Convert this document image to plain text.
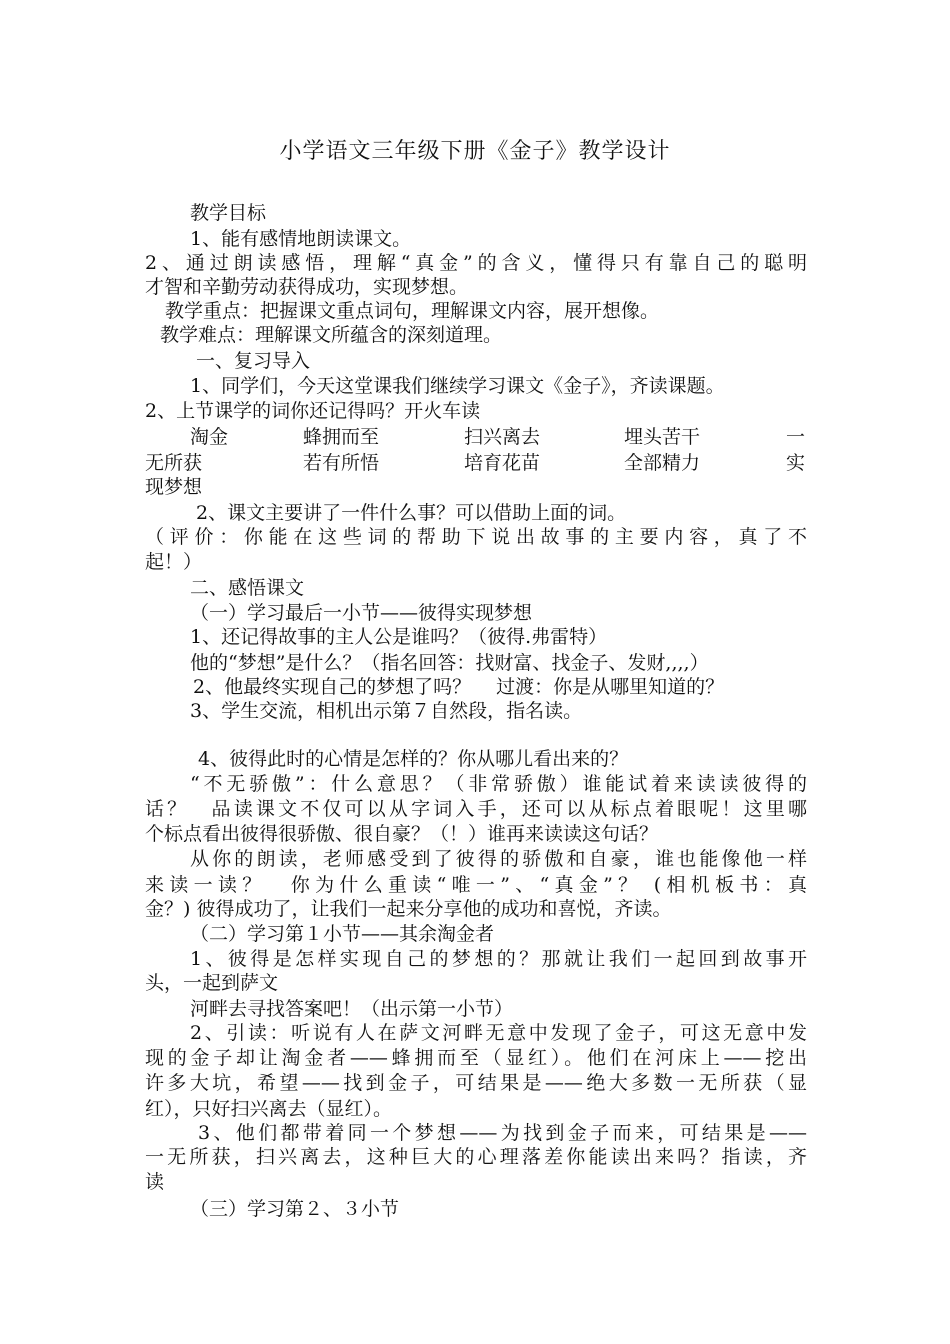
小学语文三年级下册《金子》教学设计
教学目标
1、能有感情地朗读课文。
2、通过朗读感悟，理解“真金”的含义，懂得只有靠自己的聪明
才智和辛勤劳动获得成功，实现梦想。
教学重点：把握课文重点词句，理解课文内容，展开想像。
教学难点：理解课文所蕴含的深刻道理。
一、复习导入
1、同学们，今天这堂课我们继续学习课文《金子》，齐读课题。
2、上节课学的词你还记得吗？开火车读
淘金	蜂拥而至	扫兴离去	埋头苦干	一
无所获	若有所悟	培育花苗	全部精力	实
现梦想
2、课文主要讲了一件什么事？可以借助上面的词。
（评价：你能在这些词的帮助下说出故事的主要内容，真了不
起！）
二、感悟课文
（一）学习最后一小节——彼得实现梦想
1、还记得故事的主人公是谁吗？（彼得.弗雷特）
他的“梦想”是什么？（指名回答：找财富、找金子、发财,,,,）
2、他最终实现自己的梦想了吗？　 过渡：你是从哪里知道的？
3、学生交流，相机出示第７自然段，指名读。
4、彼得此时的心情是怎样的？你从哪儿看出来的？
“不无骄傲”：什么意思？（非常骄傲）谁能试着来读读彼得的
话？　品读课文不仅可以从字词入手，还可以从标点着眼呢！这里哪
个标点看出彼得很骄傲、很自豪？（！）谁再来读读这句话？
从你的朗读，老师感受到了彼得的骄傲和自豪，谁也能像他一样
来读一读？　你为什么重读“唯一”、“真金”？ (相机板书：真
金？) 彼得成功了，让我们一起来分享他的成功和喜悦，齐读。
（二）学习第１小节——其余淘金者
1、彼得是怎样实现自己的梦想的？那就让我们一起回到故事开
头，一起到萨文
河畔去寻找答案吧！（出示第一小节）
2、引读：听说有人在萨文河畔无意中发现了金子，可这无意中发
现的金子却让淘金者——蜂拥而至（显红）。他们在河床上——挖出
许多大坑，希望——找到金子，可结果是——绝大多数一无所获（显
红），只好扫兴离去（显红）。
3、他们都带着同一个梦想——为找到金子而来，可结果是——
一无所获，扫兴离去，这种巨大的心理落差你能读出来吗？指读，齐
读
（三）学习第２、３小节
